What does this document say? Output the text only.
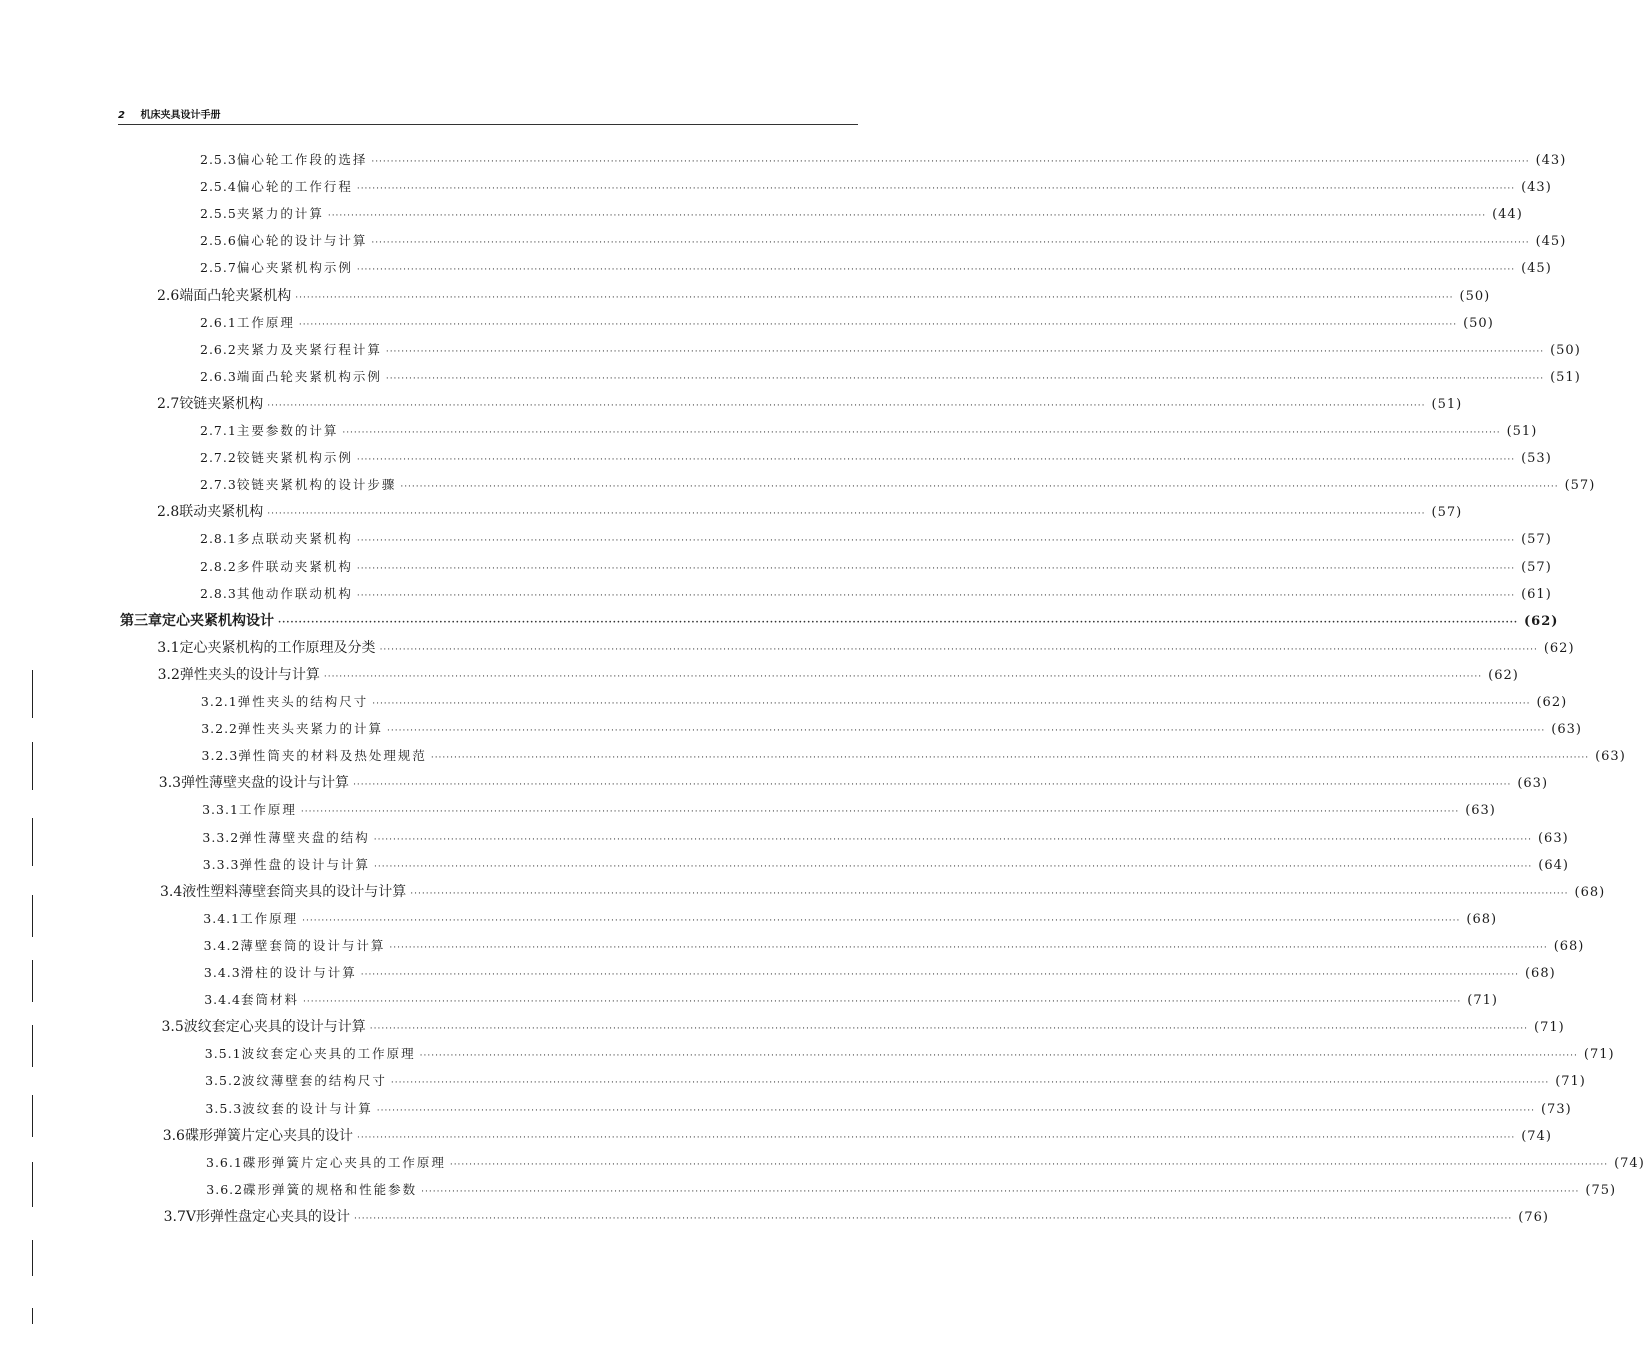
2 机床夹具设计手册
2.5.3 偏心轮工作段的选择 ············································································································································································································································································································ (43)
2.5.4 偏心轮的工作行程 ············································································································································································································································································································ (43)
2.5.5 夹紧力的计算 ············································································································································································································································································································ (44)
2.5.6 偏心轮的设计与计算 ············································································································································································································································································································ (45)
2.5.7 偏心夹紧机构示例 ············································································································································································································································································································ (45)
2.6 端面凸轮夹紧机构 ············································································································································································································································································································ (50)
2.6.1 工作原理 ············································································································································································································································································································ (50)
2.6.2 夹紧力及夹紧行程计算 ············································································································································································································································································································ (50)
2.6.3 端面凸轮夹紧机构示例 ············································································································································································································································································································ (51)
2.7 铰链夹紧机构 ············································································································································································································································································································ (51)
2.7.1 主要参数的计算 ············································································································································································································································································································ (51)
2.7.2 铰链夹紧机构示例 ············································································································································································································································································································ (53)
2.7.3 铰链夹紧机构的设计步骤 ············································································································································································································································································································ (57)
2.8 联动夹紧机构 ············································································································································································································································································································ (57)
2.8.1 多点联动夹紧机构 ············································································································································································································································································································ (57)
2.8.2 多件联动夹紧机构 ············································································································································································································································································································ (57)
2.8.3 其他动作联动机构 ············································································································································································································································································································ (61)
第三章 定心夹紧机构设计 ············································································································································································································································································································ (62)
3.1 定心夹紧机构的工作原理及分类 ············································································································································································································································································································ (62)
3.2 弹性夹头的设计与计算 ············································································································································································································································································································ (62)
3.2.1 弹性夹头的结构尺寸 ············································································································································································································································································································ (62)
3.2.2 弹性夹头夹紧力的计算 ············································································································································································································································································································ (63)
3.2.3 弹性筒夹的材料及热处理规范 ············································································································································································································································································································ (63)
3.3 弹性薄壁夹盘的设计与计算 ············································································································································································································································································································ (63)
3.3.1 工作原理 ············································································································································································································································································································ (63)
3.3.2 弹性薄壁夹盘的结构 ············································································································································································································································································································ (63)
3.3.3 弹性盘的设计与计算 ············································································································································································································································································································ (64)
3.4 液性塑料薄壁套筒夹具的设计与计算 ············································································································································································································································································································ (68)
3.4.1 工作原理 ············································································································································································································································································································ (68)
3.4.2 薄壁套筒的设计与计算 ············································································································································································································································································································ (68)
3.4.3 滑柱的设计与计算 ············································································································································································································································································································ (68)
3.4.4 套筒材料 ············································································································································································································································································································ (71)
3.5 波纹套定心夹具的设计与计算 ············································································································································································································································································································ (71)
3.5.1 波纹套定心夹具的工作原理 ············································································································································································································································································································ (71)
3.5.2 波纹薄壁套的结构尺寸 ············································································································································································································································································································ (71)
3.5.3 波纹套的设计与计算 ············································································································································································································································································································ (73)
3.6 碟形弹簧片定心夹具的设计 ············································································································································································································································································································ (74)
3.6.1 碟形弹簧片定心夹具的工作原理 ············································································································································································································································································································ (74)
3.6.2 碟形弹簧的规格和性能参数 ············································································································································································································································································································ (75)
3.7 V形弹性盘定心夹具的设计 ············································································································································································································································································································ (76)
